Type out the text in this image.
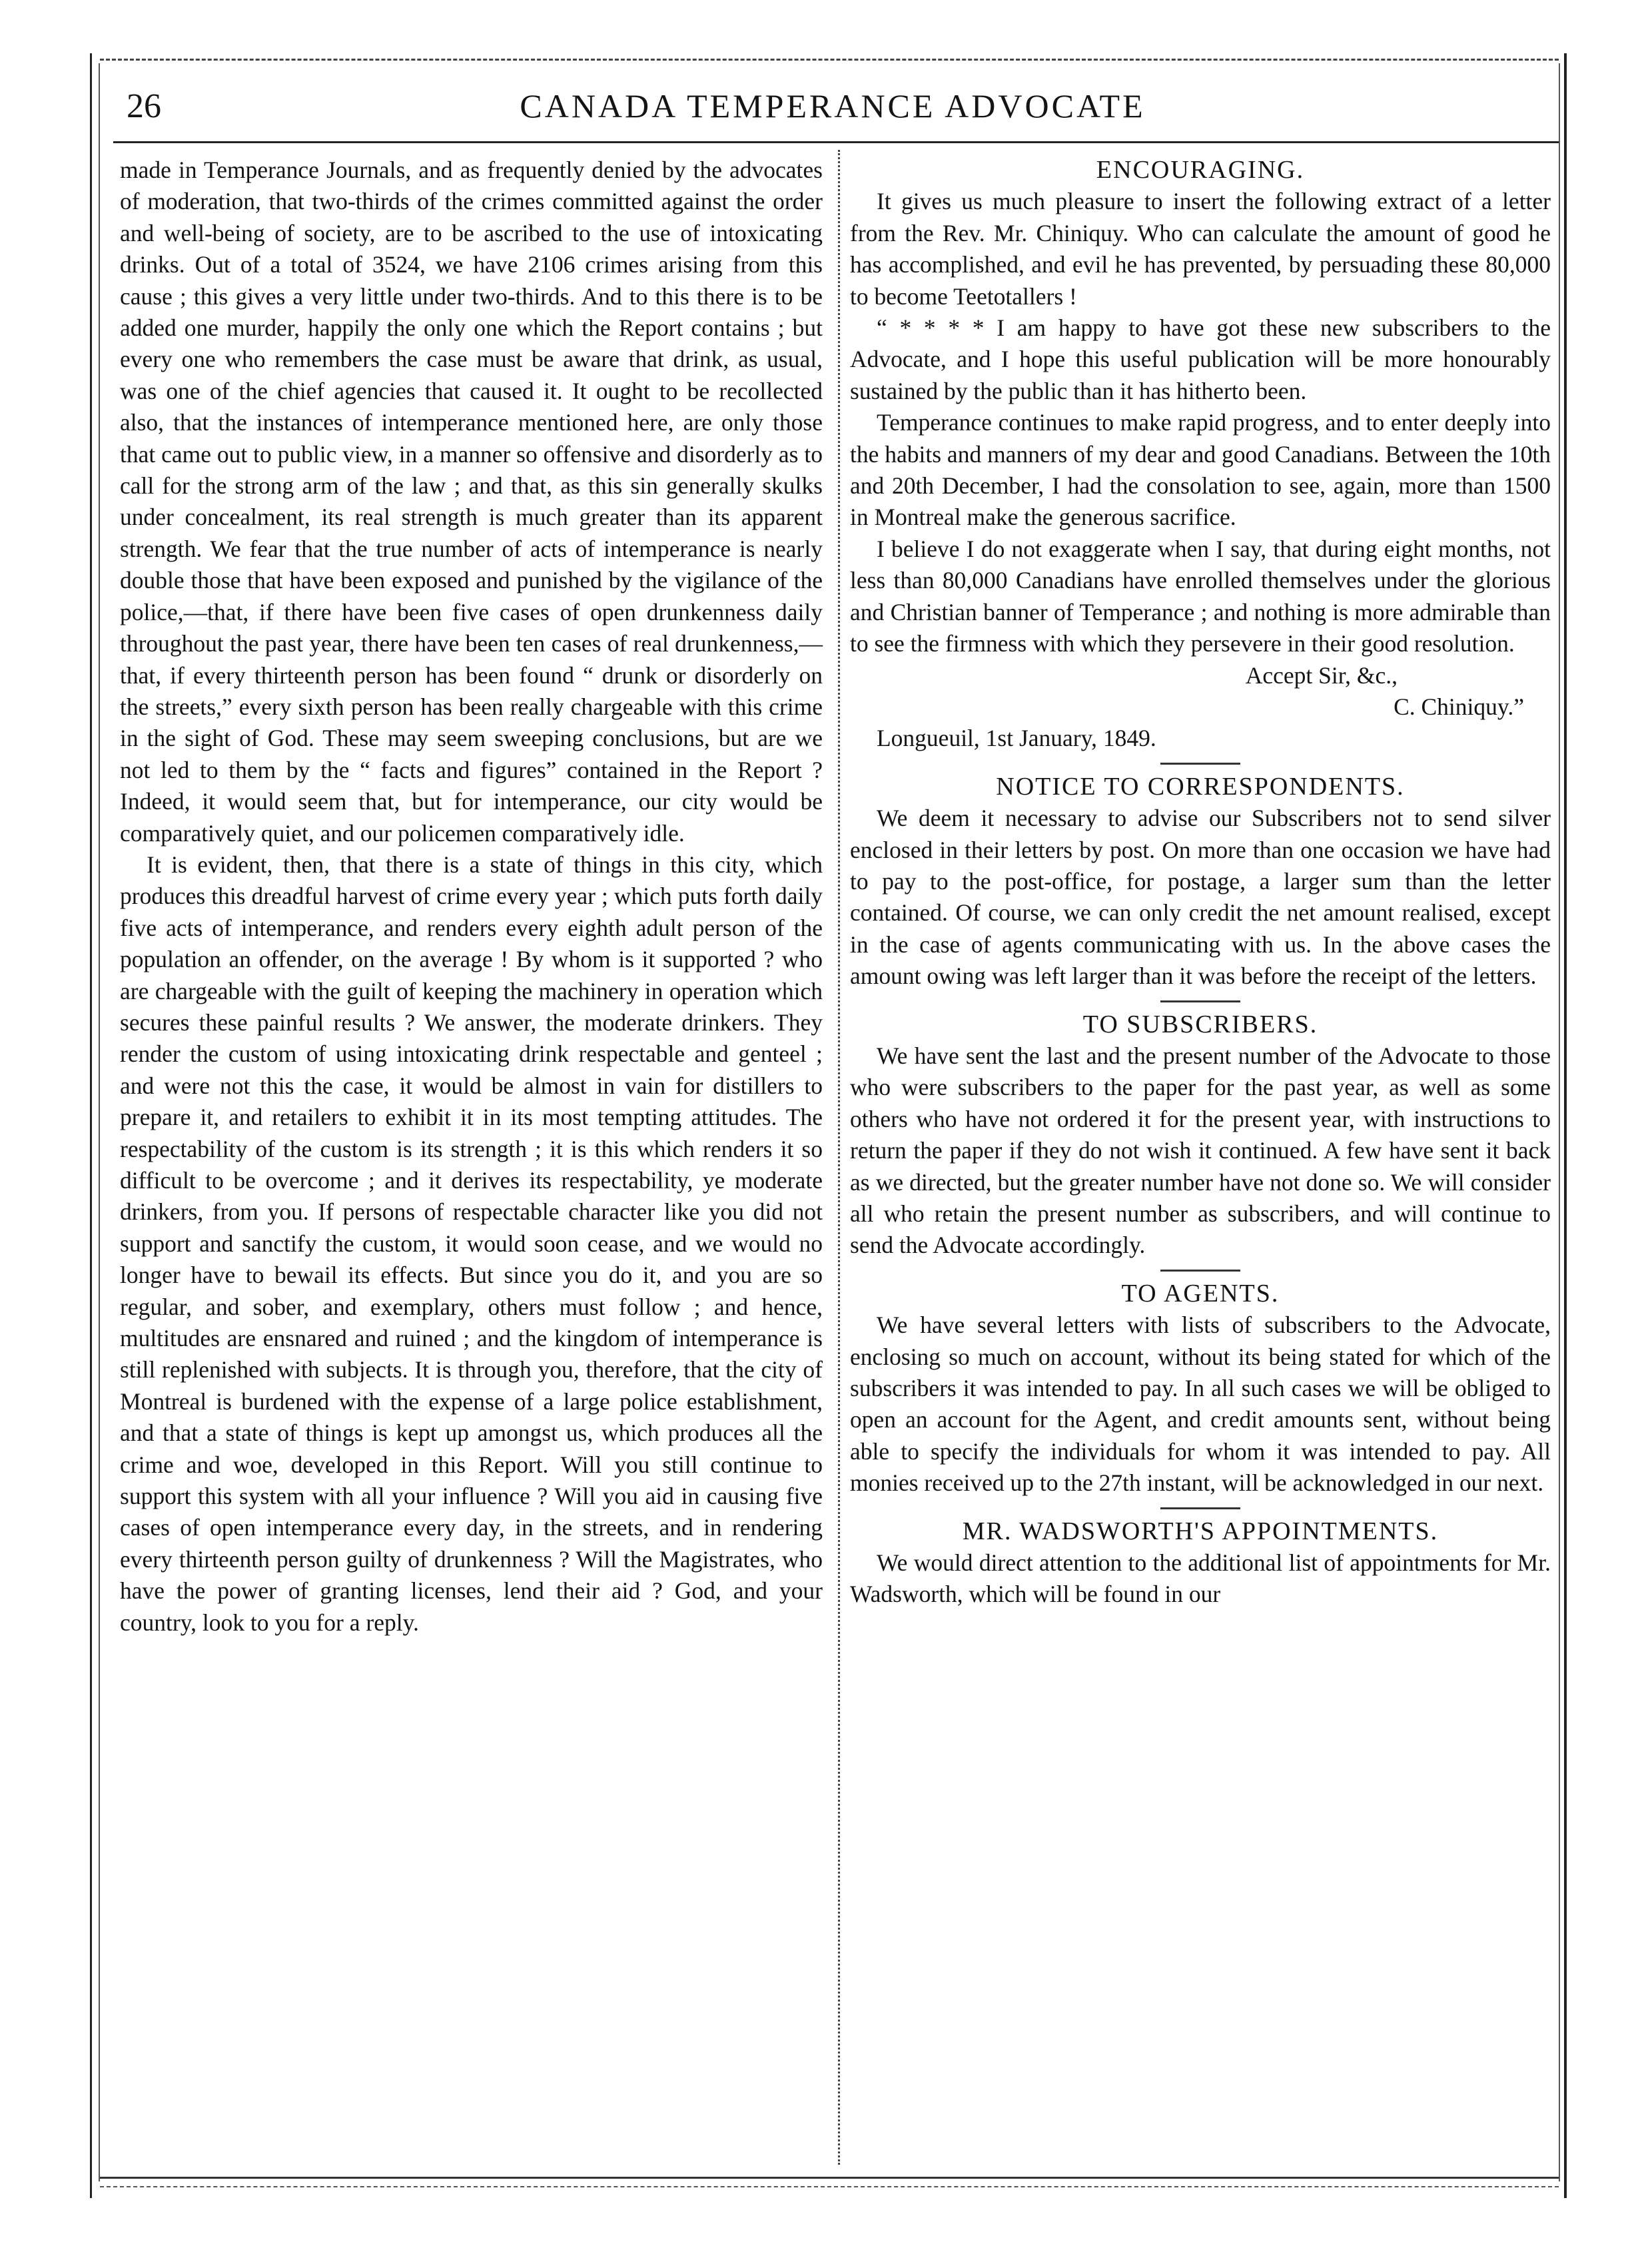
26	CANADA TEMPERANCE ADVOCATE

made in Temperance Journals, and as frequently denied by the advocates of moderation, that two-thirds of the crimes committed against the order and well-being of society, are to be ascribed to the use of intoxicating drinks. Out of a total of 3524, we have 2106 crimes arising from this cause ; this gives a very little under two-thirds. And to this there is to be added one murder, happily the only one which the Report contains ; but every one who remembers the case must be aware that drink, as usual, was one of the chief agencies that caused it. It ought to be recollected also, that the instances of intemperance mentioned here, are only those that came out to public view, in a manner so offensive and disorderly as to call for the strong arm of the law ; and that, as this sin generally skulks under concealment, its real strength is much greater than its apparent strength. We fear that the true number of acts of intemperance is nearly double those that have been exposed and punished by the vigilance of the police,—that, if there have been five cases of open drunkenness daily throughout the past year, there have been ten cases of real drunkenness,—that, if every thirteenth person has been found “ drunk or disorderly on the streets,” every sixth person has been really chargeable with this crime in the sight of God. These may seem sweeping conclusions, but are we not led to them by the “ facts and figures” contained in the Report ? Indeed, it would seem that, but for intemperance, our city would be comparatively quiet, and our policemen comparatively idle.

It is evident, then, that there is a state of things in this city, which produces this dreadful harvest of crime every year ; which puts forth daily five acts of intemperance, and renders every eighth adult person of the population an offender, on the average ! By whom is it supported ? who are chargeable with the guilt of keeping the machinery in operation which secures these painful results ? We answer, the moderate drinkers. They render the custom of using intoxicating drink respectable and genteel ; and were not this the case, it would be almost in vain for distillers to prepare it, and retailers to exhibit it in its most tempting attitudes. The respectability of the custom is its strength ; it is this which renders it so difficult to be overcome ; and it derives its respectability, ye moderate drinkers, from you. If persons of respectable character like you did not support and sanctify the custom, it would soon cease, and we would no longer have to bewail its effects. But since you do it, and you are so regular, and sober, and exemplary, others must follow ; and hence, multitudes are ensnared and ruined ; and the kingdom of intemperance is still replenished with subjects. It is through you, therefore, that the city of Montreal is burdened with the expense of a large police establishment, and that a state of things is kept up amongst us, which produces all the crime and woe, developed in this Report. Will you still continue to support this system with all your influence ? Will you aid in causing five cases of open intemperance every day, in the streets, and in rendering every thirteenth person guilty of drunkenness ? Will the Magistrates, who have the power of granting licenses, lend their aid ? God, and your country, look to you for a reply.

ENCOURAGING.

It gives us much pleasure to insert the following extract of a letter from the Rev. Mr. Chiniquy. Who can calculate the amount of good he has accomplished, and evil he has prevented, by persuading these 80,000 to become Teetotallers !

“ * * * * I am happy to have got these new subscribers to the Advocate, and I hope this useful publication will be more honourably sustained by the public than it has hitherto been.

Temperance continues to make rapid progress, and to enter deeply into the habits and manners of my dear and good Canadians. Between the 10th and 20th December, I had the consolation to see, again, more than 1500 in Montreal make the generous sacrifice.

I believe I do not exaggerate when I say, that during eight months, not less than 80,000 Canadians have enrolled themselves under the glorious and Christian banner of Temperance ; and nothing is more admirable than to see the firmness with which they persevere in their good resolution.

Accept Sir, &c.,

C. Chiniquy.”

Longueuil, 1st January, 1849.

NOTICE TO CORRESPONDENTS.

We deem it necessary to advise our Subscribers not to send silver enclosed in their letters by post. On more than one occasion we have had to pay to the post-office, for postage, a larger sum than the letter contained. Of course, we can only credit the net amount realised, except in the case of agents communicating with us. In the above cases the amount owing was left larger than it was before the receipt of the letters.

TO SUBSCRIBERS.

We have sent the last and the present number of the Advocate to those who were subscribers to the paper for the past year, as well as some others who have not ordered it for the present year, with instructions to return the paper if they do not wish it continued. A few have sent it back as we directed, but the greater number have not done so. We will consider all who retain the present number as subscribers, and will continue to send the Advocate accordingly.

TO AGENTS.

We have several letters with lists of subscribers to the Advocate, enclosing so much on account, without its being stated for which of the subscribers it was intended to pay. In all such cases we will be obliged to open an account for the Agent, and credit amounts sent, without being able to specify the individuals for whom it was intended to pay. All monies received up to the 27th instant, will be acknowledged in our next.

MR. WADSWORTH'S APPOINTMENTS.

We would direct attention to the additional list of appointments for Mr. Wadsworth, which will be found in our
